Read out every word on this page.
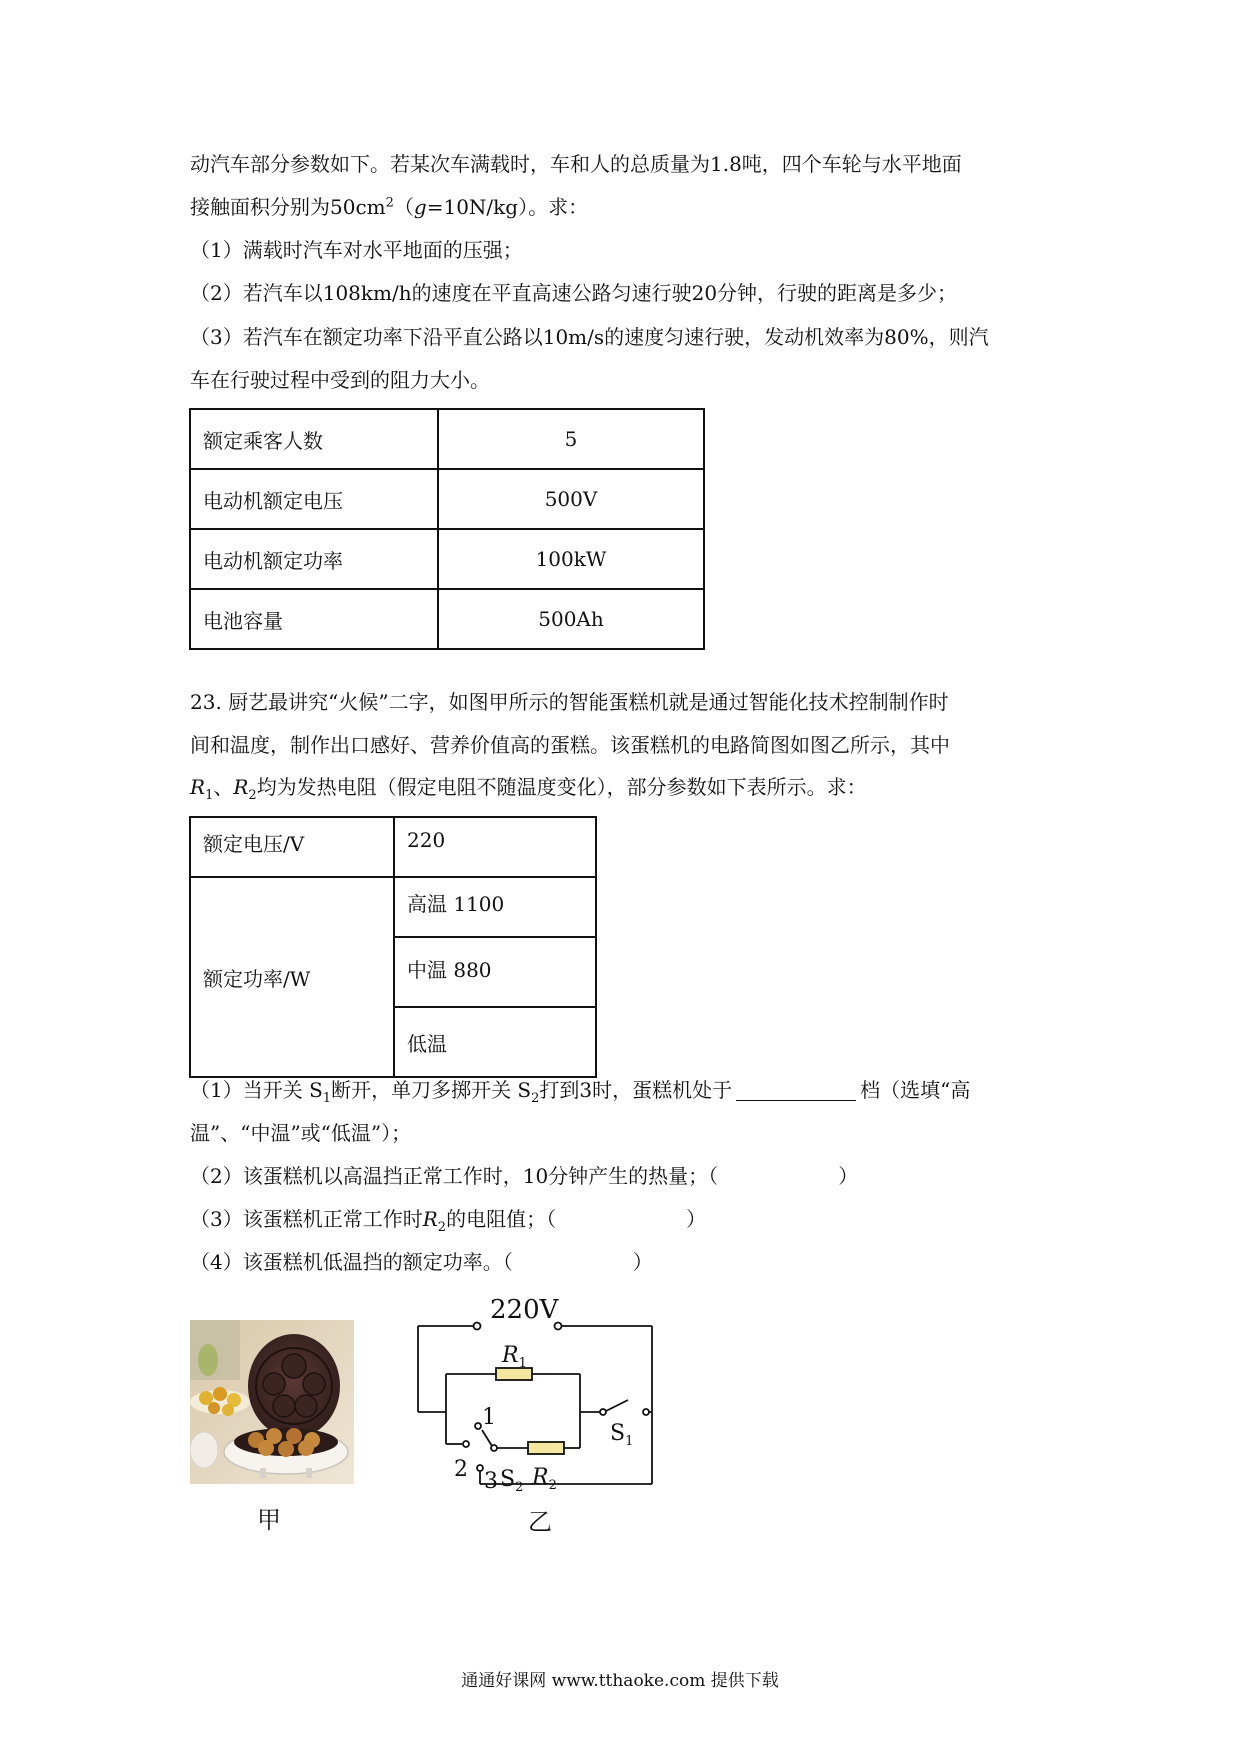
动汽车部分参数如下。若某次车满载时，车和人的总质量为1.8吨，四个车轮与水平地面
接触面积分别为$50cm^2(g=10N/kg)$。求：
（1）满载时汽车对水平地面的压强；
（2）若汽车以108km/h的速度在平直高速公路匀速行驶20分钟，行驶的距离是多少；
（3）若汽车在额定功率下沿平直公路以10m/s的速度匀速行驶，发动机效率为80%，则汽
车在行驶过程中受到的阻力大小。
额定乘客人数	5
电动机额定电压	500V
电动机额定功率	100kW
电池容量	500Ah
23. 厨艺最讲究“火候”二字，如图甲所示的智能蛋糕机就是通过智能化技术控制制作时
间和温度，制作出口感好、营养价值高的蛋糕。该蛋糕机的电路简图如图乙所示，其中
$R_1$、$R_2$均为发热电阻（假定电阻不随温度变化），部分参数如下表所示。求：
额定电压/V	220
额定功率/W	高温 1100
	中温 880
	低温
（1）当开关 $S_1$断开，单刀多掷开关 $S_2$打到3时，蛋糕机处于	档（选填“高
温”、“中温”或“低温”）；
（2）该蛋糕机以高温挡正常工作时，10分钟产生的热量；（	）
（3）该蛋糕机正常工作时$R_2$的电阻值；（	）
（4）该蛋糕机低温挡的额定功率。（	）
甲
220V
$R_1$
$S_1$
1
2 3 $S_2$ $R_2$
乙
通通好课网 www.tthaoke.com 提供下载
